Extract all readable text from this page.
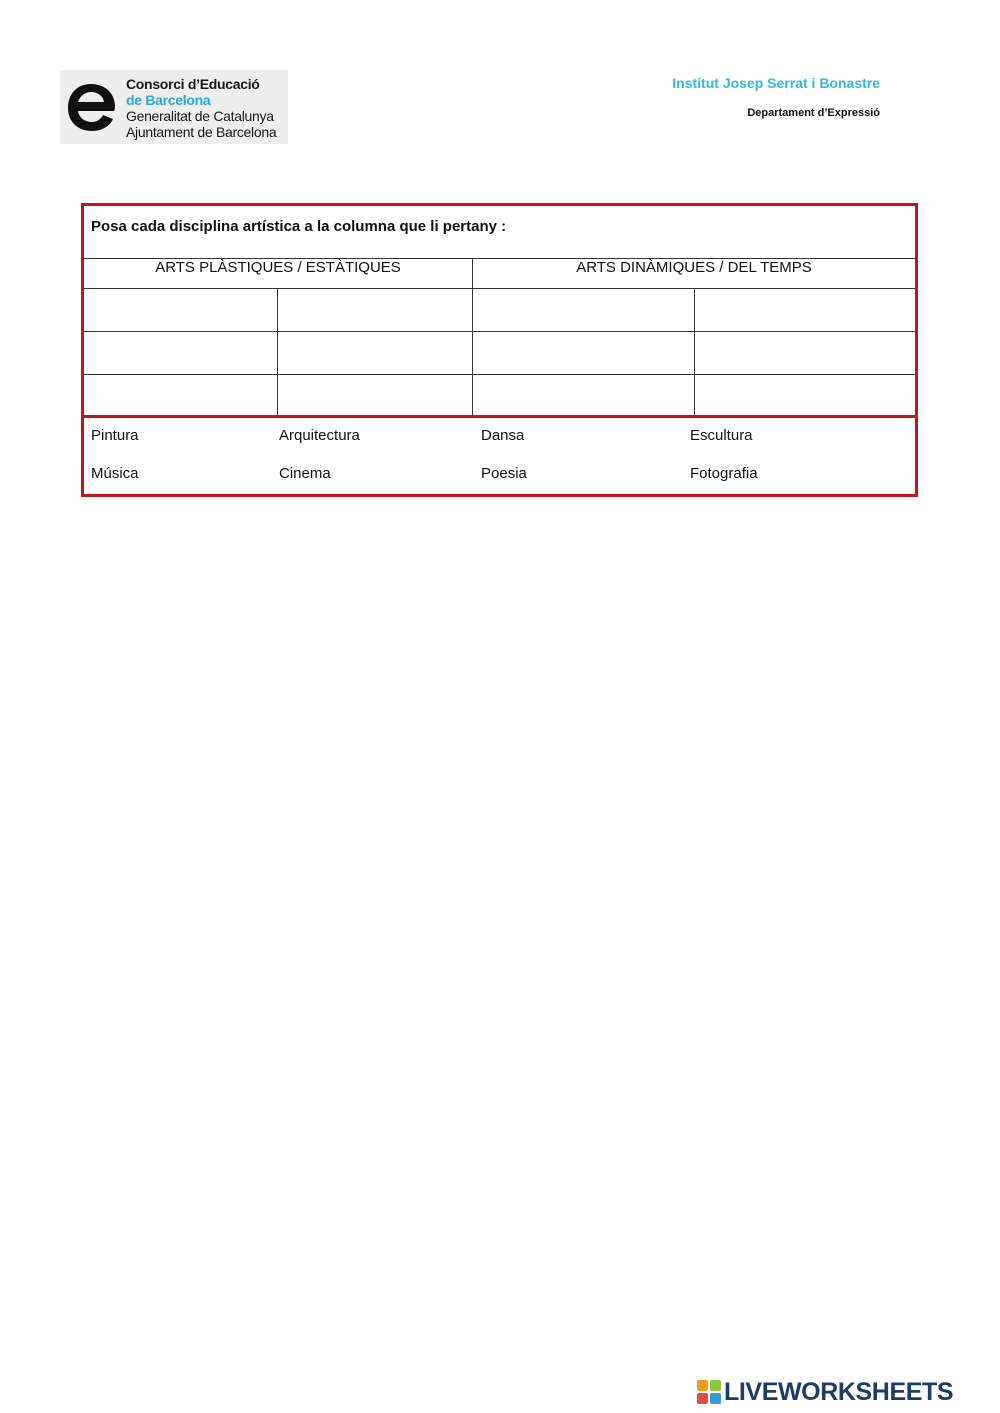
Consorci d’Educació
de Barcelona
Generalitat de Catalunya
Ajuntament de Barcelona
Institut Josep Serrat i Bonastre
Departament d’Expressió
Posa cada disciplina artística a la columna que li pertany :
ARTS PLÀSTIQUES / ESTÀTIQUES	ARTS DINÀMIQUES / DEL TEMPS
Pintura	Arquitectura	Dansa	Escultura
Música	Cinema	Poesia	Fotografia
LIVEWORKSHEETS
